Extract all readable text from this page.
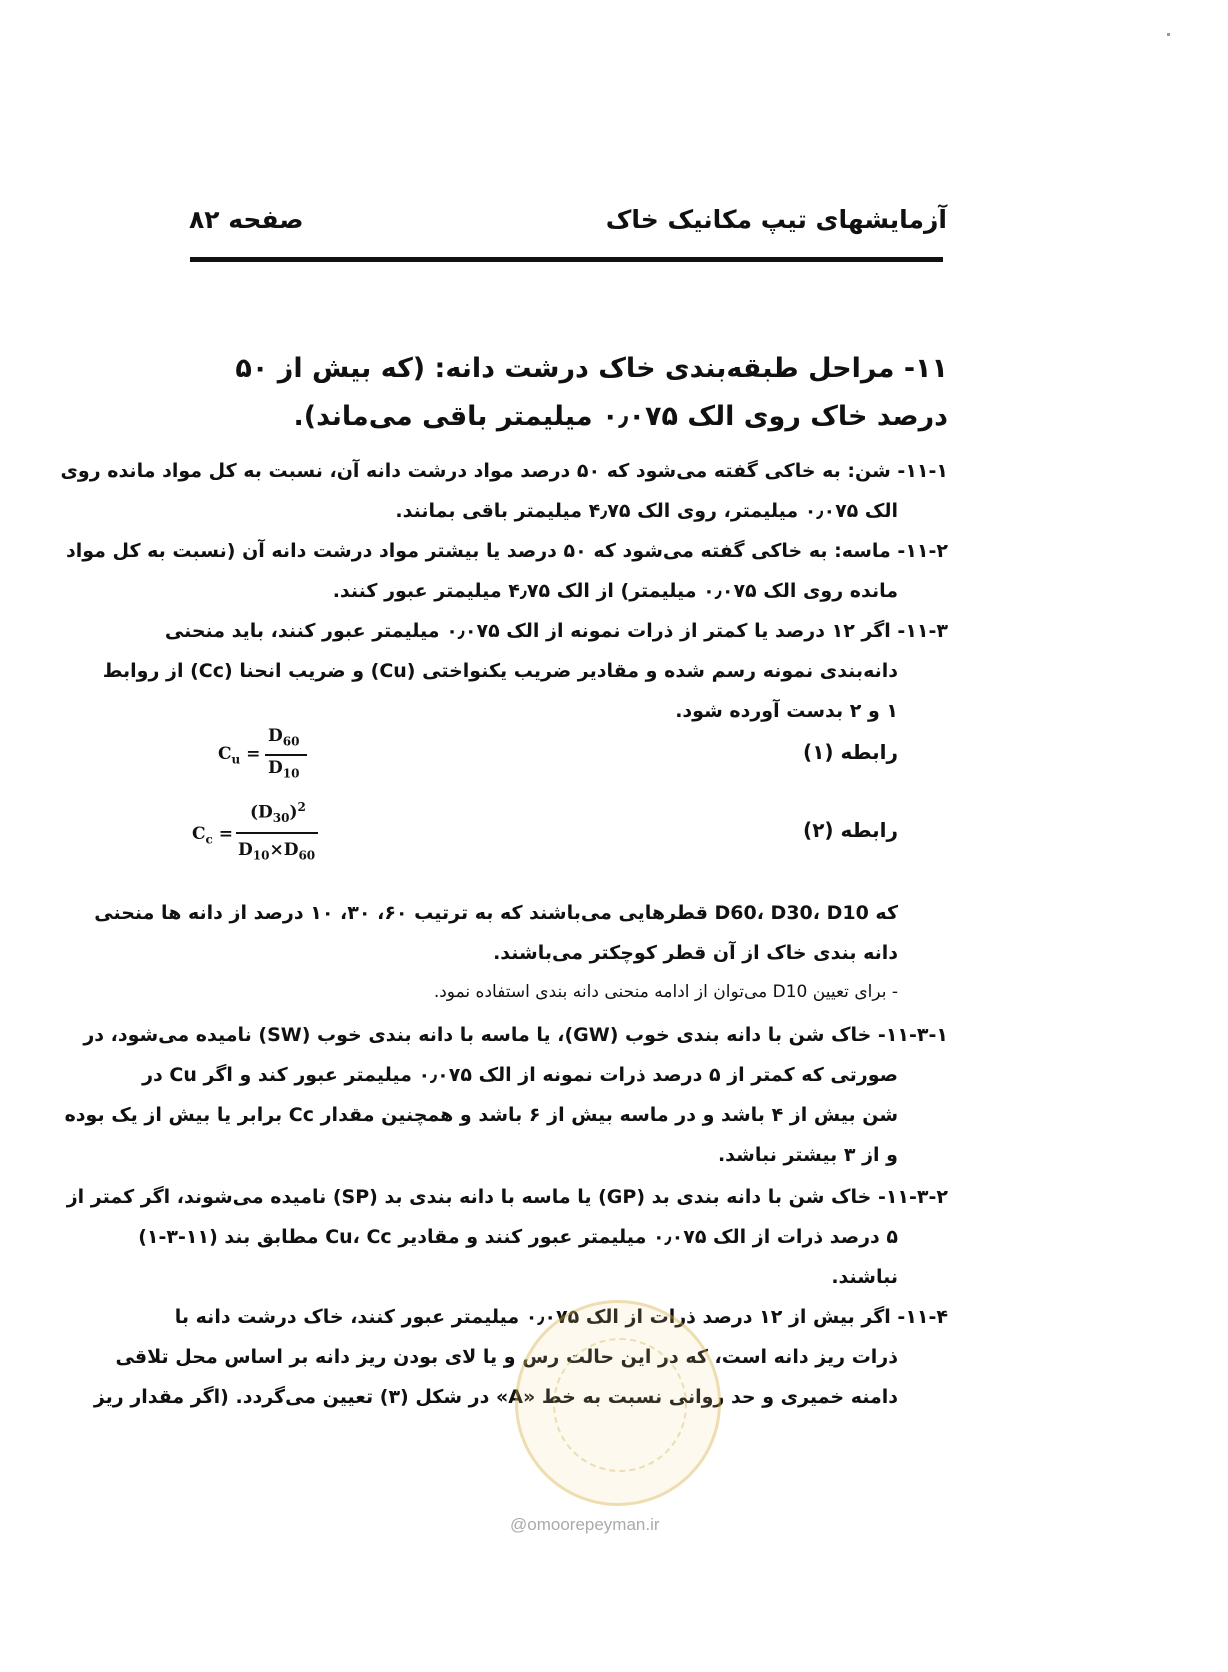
آزمایشهای تیپ مکانیک خاک
صفحه ۸۲
۱۱- مراحل طبقه‌بندی خاک درشت دانه: (که بیش از ۵۰ درصد خاک روی الک ۰٫۰۷۵ میلیمتر باقی می‌ماند).
۱۱-۱- شن: به خاکی گفته می‌شود که ۵۰ درصد مواد درشت دانه آن، نسبت به کل مواد مانده روی
الک ۰٫۰۷۵ میلیمتر، روی الک ۴٫۷۵ میلیمتر باقی بمانند.
۱۱-۲- ماسه: به خاکی گفته می‌شود که ۵۰ درصد یا بیشتر مواد درشت دانه آن (نسبت به کل مواد
مانده روی الک ۰٫۰۷۵ میلیمتر) از الک ۴٫۷۵ میلیمتر عبور کنند.
۱۱-۳- اگر ۱۲ درصد یا کمتر از ذرات نمونه از الک ۰٫۰۷۵ میلیمتر عبور کنند، باید منحنی
دانه‌بندی نمونه رسم شده و مقادیر ضریب یکنواختی (Cu) و ضریب انحنا (Cc) از روابط
۱ و ۲ بدست آورده شود.
رابطه (۱)
$C_u$ =
$D_{60}$
$D_{10}$
رابطه (۲)
$C_c$ =
$(D_{30})^2$
$D_{10}\times D_{60}$
که D60، D30، D10 قطرهایی می‌باشند که به ترتیب ۶۰، ۳۰، ۱۰ درصد از دانه ها منحنی
دانه بندی خاک از آن قطر کوچکتر می‌باشند.
- برای تعیین D10 می‌توان از ادامه منحنی دانه بندی استفاده نمود.
۱۱-۳-۱- خاک شن با دانه بندی خوب (GW)، یا ماسه با دانه بندی خوب (SW) نامیده می‌شود، در
صورتی که کمتر از ۵ درصد ذرات نمونه از الک ۰٫۰۷۵ میلیمتر عبور کند و اگر Cu در
شن بیش از ۴ باشد و در ماسه بیش از ۶ باشد و همچنین مقدار Cc برابر یا بیش از یک بوده
و از ۳ بیشتر نباشد.
۱۱-۳-۲- خاک شن با دانه بندی بد (GP) یا ماسه با دانه بندی بد (SP) نامیده می‌شوند، اگر کمتر از
۵ درصد ذرات از الک ۰٫۰۷۵ میلیمتر عبور کنند و مقادیر Cu، Cc مطابق بند (۱۱-۳-۱)
نباشند.
۱۱-۴- اگر بیش از ۱۲ درصد ذرات از الک ۰٫۰۷۵ میلیمتر عبور کنند، خاک درشت دانه با
ذرات ریز دانه است، که در این حالت رس و یا لای بودن ریز دانه بر اساس محل تلاقی
دامنه خمیری و حد روانی نسبت به خط «A» در شکل (۳) تعیین می‌گردد. (اگر مقدار ریز
@omoorepeyman.ir
